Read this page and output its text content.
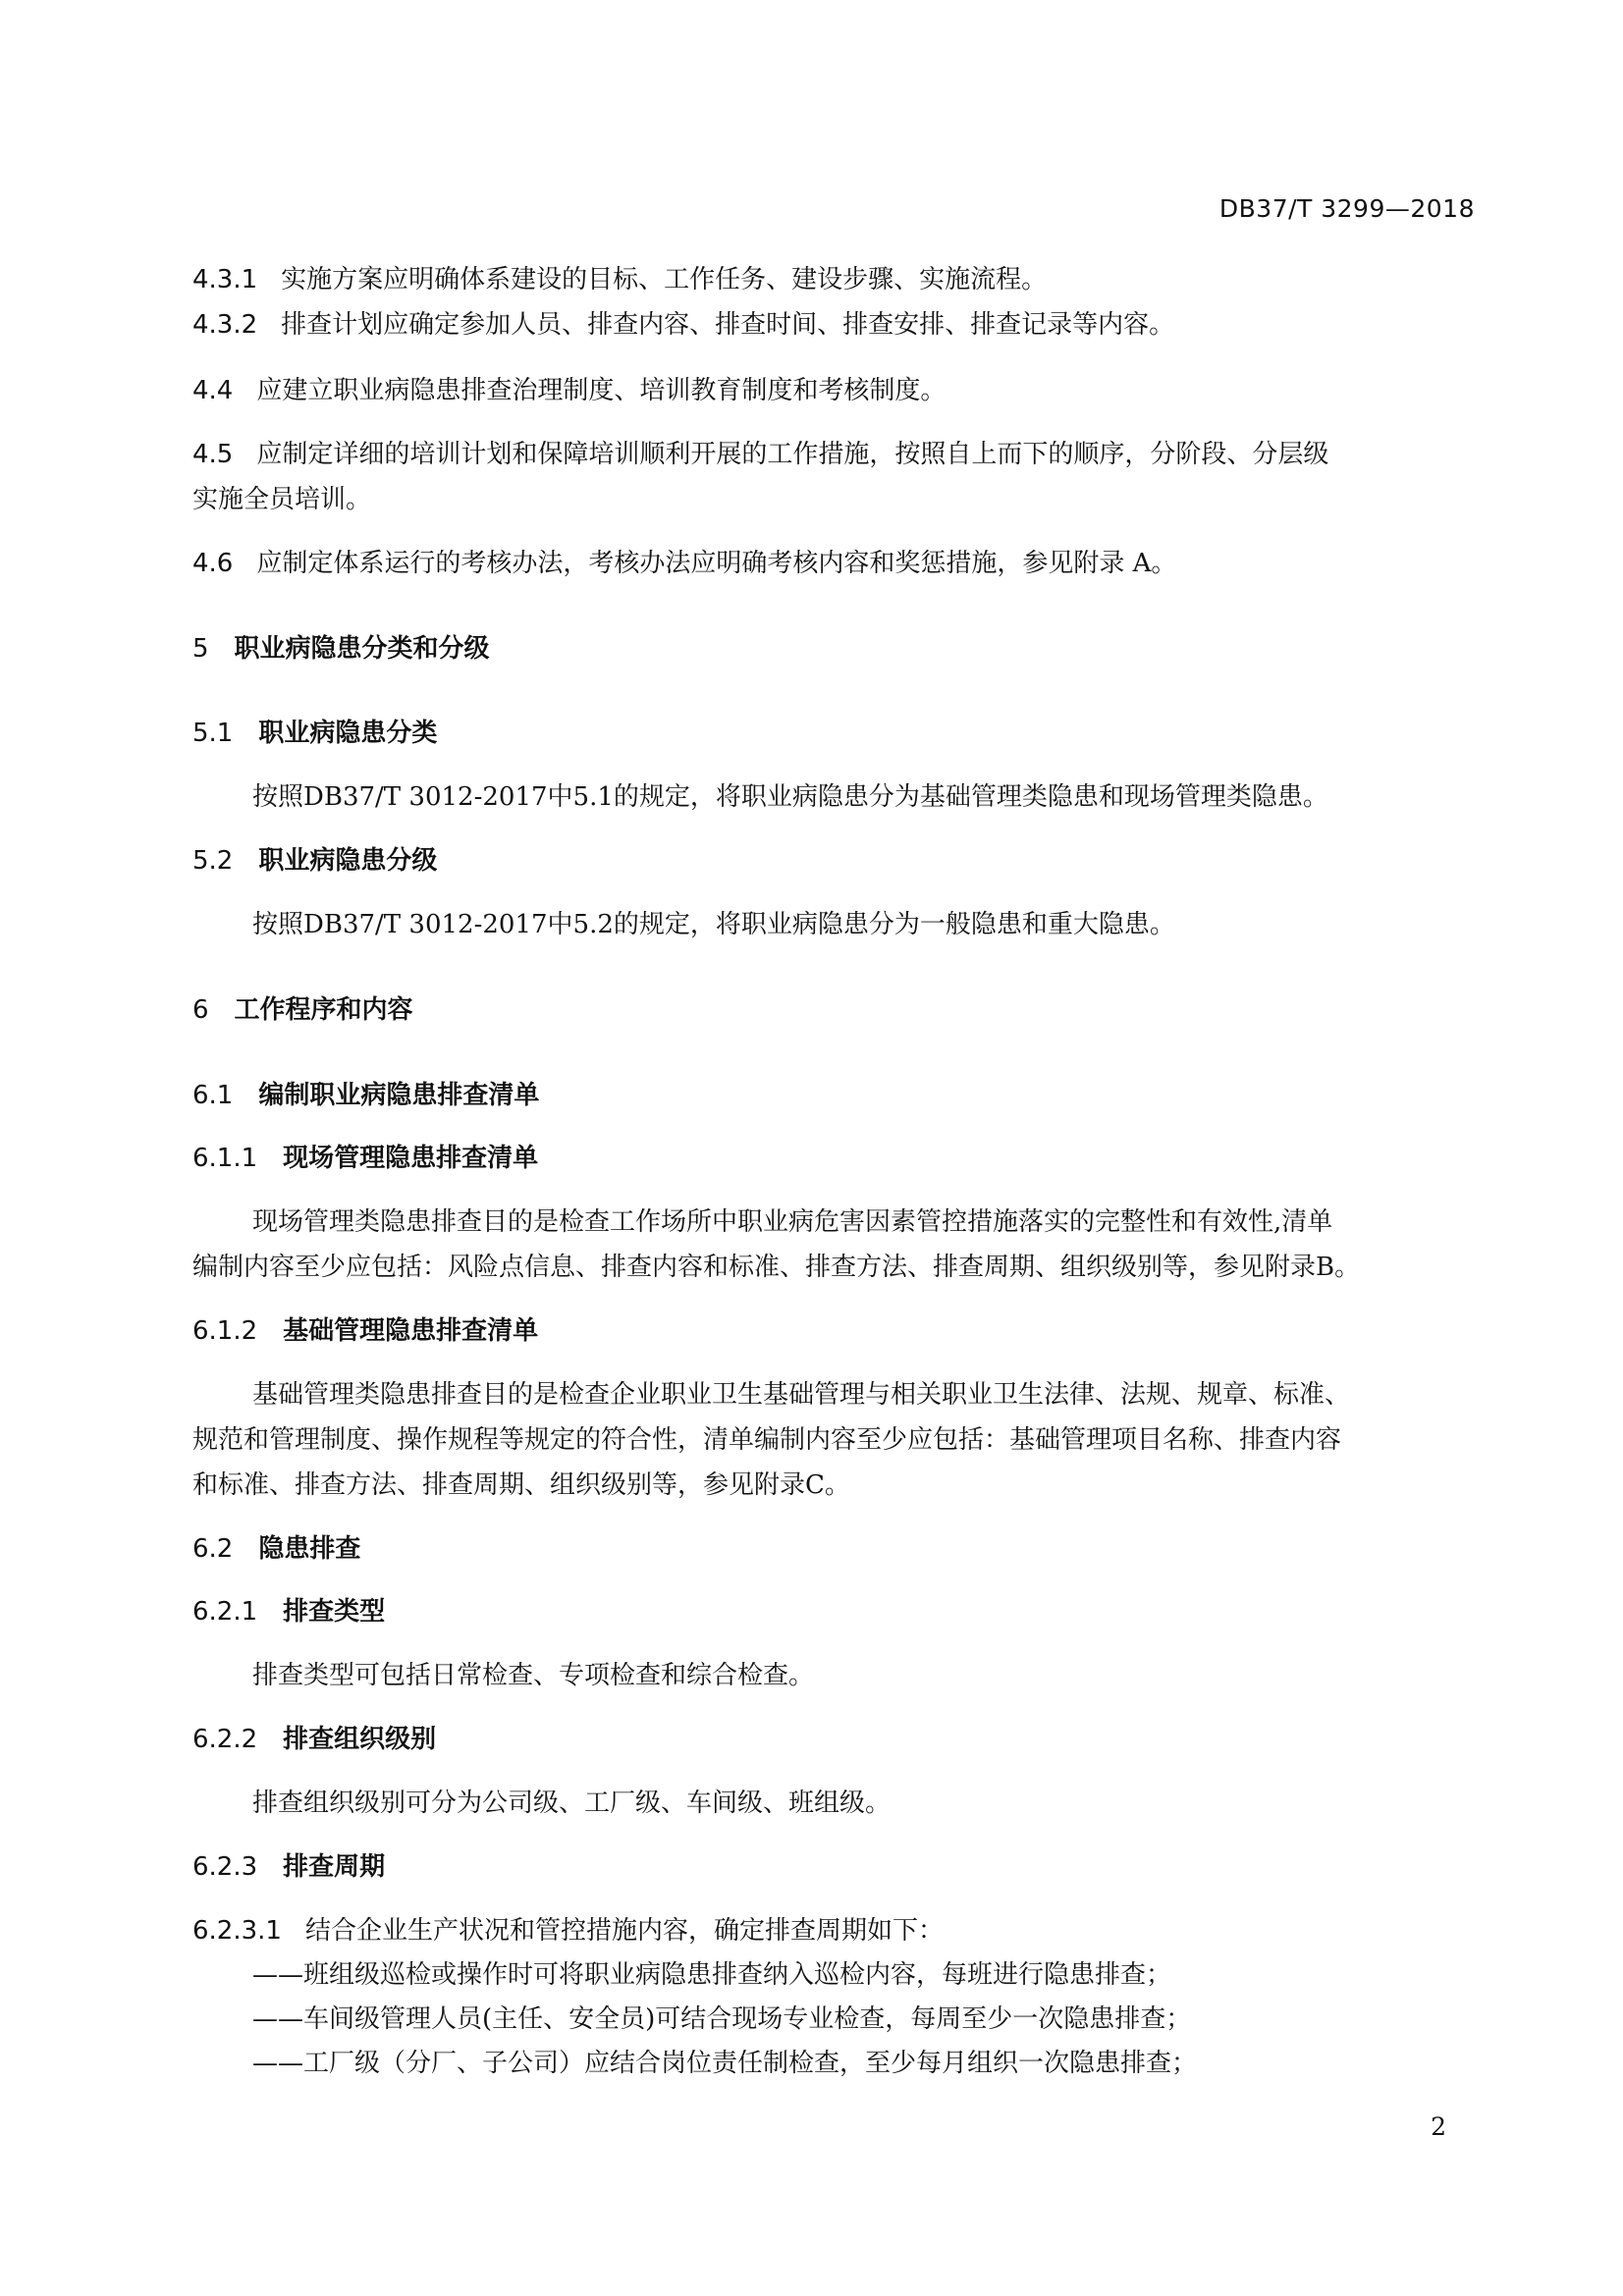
DB37/T 3299—2018
4.3.1 实施方案应明确体系建设的目标、工作任务、建设步骤、实施流程。
4.3.2 排查计划应确定参加人员、排查内容、排查时间、排查安排、排查记录等内容。
4.4 应建立职业病隐患排查治理制度、培训教育制度和考核制度。
4.5 应制定详细的培训计划和保障培训顺利开展的工作措施，按照自上而下的顺序，分阶段、分层级
实施全员培训。
4.6 应制定体系运行的考核办法，考核办法应明确考核内容和奖惩措施，参见附录 A。
5 职业病隐患分类和分级
5.1 职业病隐患分类
按照DB37/T 3012-2017中5.1的规定，将职业病隐患分为基础管理类隐患和现场管理类隐患。
5.2 职业病隐患分级
按照DB37/T 3012-2017中5.2的规定，将职业病隐患分为一般隐患和重大隐患。
6 工作程序和内容
6.1 编制职业病隐患排查清单
6.1.1 现场管理隐患排查清单
现场管理类隐患排查目的是检查工作场所中职业病危害因素管控措施落实的完整性和有效性,清单
编制内容至少应包括：风险点信息、排查内容和标准、排查方法、排查周期、组织级别等，参见附录B。
6.1.2 基础管理隐患排查清单
基础管理类隐患排查目的是检查企业职业卫生基础管理与相关职业卫生法律、法规、规章、标准、
规范和管理制度、操作规程等规定的符合性，清单编制内容至少应包括：基础管理项目名称、排查内容
和标准、排查方法、排查周期、组织级别等，参见附录C。
6.2 隐患排查
6.2.1 排查类型
排查类型可包括日常检查、专项检查和综合检查。
6.2.2 排查组织级别
排查组织级别可分为公司级、工厂级、车间级、班组级。
6.2.3 排查周期
6.2.3.1 结合企业生产状况和管控措施内容，确定排查周期如下：
——班组级巡检或操作时可将职业病隐患排查纳入巡检内容，每班进行隐患排查；
——车间级管理人员(主任、安全员)可结合现场专业检查，每周至少一次隐患排查；
——工厂级（分厂、子公司）应结合岗位责任制检查，至少每月组织一次隐患排查；
2
